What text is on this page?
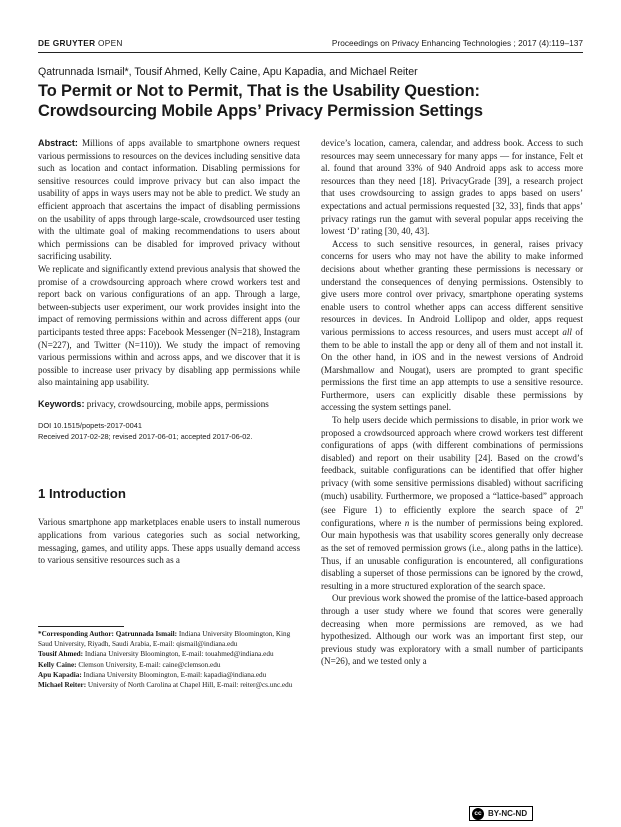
DE GRUYTER OPEN	Proceedings on Privacy Enhancing Technologies ; 2017 (4):119–137
Qatrunnada Ismail*, Tousif Ahmed, Kelly Caine, Apu Kapadia, and Michael Reiter
To Permit or Not to Permit, That is the Usability Question: Crowdsourcing Mobile Apps’ Privacy Permission Settings

Abstract: Millions of apps available to smartphone owners request various permissions to resources on the devices including sensitive data such as location and contact information. Disabling permissions for sensitive resources could improve privacy but can also impact the usability of apps in ways users may not be able to predict. We study an efficient approach that ascertains the impact of disabling permissions on the usability of apps through large-scale, crowdsourced user testing with the ultimate goal of making recommendations to users about which permissions can be disabled for improved privacy without sacrificing usability.

We replicate and significantly extend previous analysis that showed the promise of a crowdsourcing approach where crowd workers test and report back on various configurations of an app. Through a large, between-subjects user experiment, our work provides insight into the impact of removing permissions within and across different apps (our participants tested three apps: Facebook Messenger (N=218), Instagram (N=227), and Twitter (N=110)). We study the impact of removing various permissions within and across apps, and we discover that it is possible to increase user privacy by disabling app permissions while also maintaining app usability.

Keywords: privacy, crowdsourcing, mobile apps, permissions

DOI 10.1515/popets-2017-0041
Received 2017-02-28; revised 2017-06-01; accepted 2017-06-02.

1 Introduction

Various smartphone app marketplaces enable users to install numerous applications from various categories such as social networking, messaging, games, and utility apps. These apps usually demand access to various sensitive resources such as a

*Corresponding Author: Qatrunnada Ismail: Indiana University Bloomington, King Saud University, Riyadh, Saudi Arabia, E-mail: qismail@indiana.edu

Tousif Ahmed: Indiana University Bloomington, E-mail: touahmed@indiana.edu

Kelly Caine: Clemson University, E-mail: caine@clemson.edu

Apu Kapadia: Indiana University Bloomington, E-mail: kapadia@indiana.edu

Michael Reiter: University of North Carolina at Chapel Hill, E-mail: reiter@cs.unc.edu

device’s location, camera, calendar, and address book. Access to such resources may seem unnecessary for many apps — for instance, Felt et al. found that around 33% of 940 Android apps ask to access more resources than they need [18]. PrivacyGrade [39], a research project that uses crowdsourcing to assign grades to apps based on users’ expectations and actual permissions requested [32, 33], finds that apps’ privacy ratings run the gamut with several popular apps receiving the lowest ‘D’ rating [30, 40, 43].

Access to such sensitive resources, in general, raises privacy concerns for users who may not have the ability to make informed decisions about whether granting these permissions is necessary or understand the consequences of denying permissions. Ostensibly to give users more control over privacy, smartphone operating systems enable users to control whether apps can access different sensitive resources in devices. In Android Lollipop and older, apps request various permissions to access resources, and users must accept all of them to be able to install the app or deny all of them and not install it. On the other hand, in iOS and in the newest versions of Android (Marshmallow and Nougat), users are prompted to grant specific permissions the first time an app attempts to use a sensitive resource. Furthermore, users can explicitly disable these permissions by accessing the system settings panel.

To help users decide which permissions to disable, in prior work we proposed a crowdsourced approach where crowd workers test different configurations of apps (with different combinations of permissions disabled) and report on their usability [24]. Based on the crowd’s feedback, suitable configurations can be identified that offer higher privacy (with some sensitive permissions disabled) without sacrificing (much) usability. Furthermore, we proposed a “lattice-based” approach (see Figure 1) to efficiently explore the search space of 2$^n$ configurations, where n is the number of permissions being explored. Our main hypothesis was that usability scores generally only decrease as the set of removed permission grows (i.e., along paths in the lattice). Thus, if an unusable configuration is encountered, all configurations disabling a superset of those permissions can be ignored by the crowd, resulting in a more structured exploration of the search space.

Our previous work showed the promise of the lattice-based approach through a user study where we found that scores were generally decreasing when more permissions are removed, as we had hypothesized. Although our work was an important first step, our previous study was exploratory with a small number of participants (N=26), and we tested only a

cc BY-NC-ND
